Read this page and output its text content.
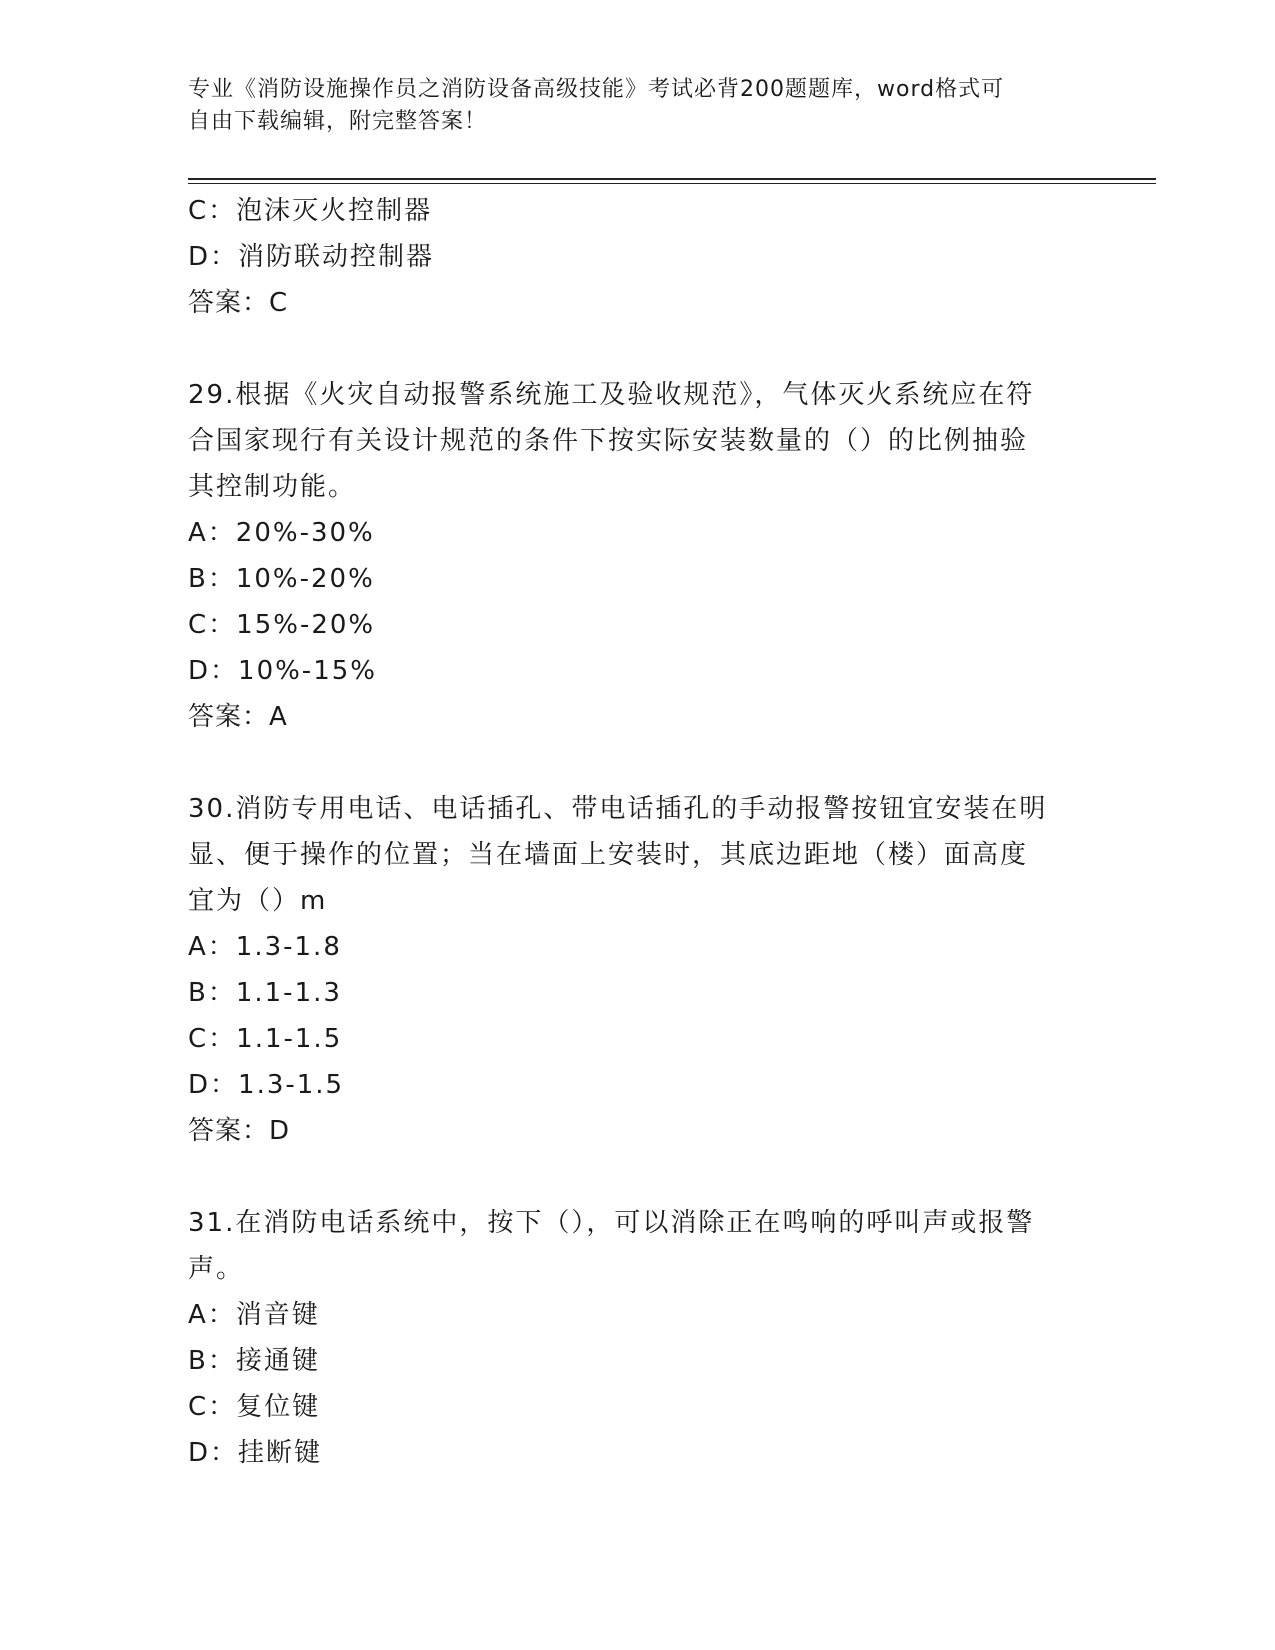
专业《消防设施操作员之消防设备高级技能》考试必背200题题库，word格式可
自由下载编辑，附完整答案！
C：泡沫灭火控制器
D：消防联动控制器
答案：C
29.根据《火灾自动报警系统施工及验收规范》，气体灭火系统应在符
合国家现行有关设计规范的条件下按实际安装数量的（）的比例抽验
其控制功能。
A：20%-30%
B：10%-20%
C：15%-20%
D：10%-15%
答案：A
30.消防专用电话、电话插孔、带电话插孔的手动报警按钮宜安装在明
显、便于操作的位置；当在墙面上安装时，其底边距地（楼）面高度
宜为（）m
A：1.3-1.8
B：1.1-1.3
C：1.1-1.5
D：1.3-1.5
答案：D
31.在消防电话系统中，按下（），可以消除正在鸣响的呼叫声或报警
声。
A：消音键
B：接通键
C：复位键
D：挂断键
